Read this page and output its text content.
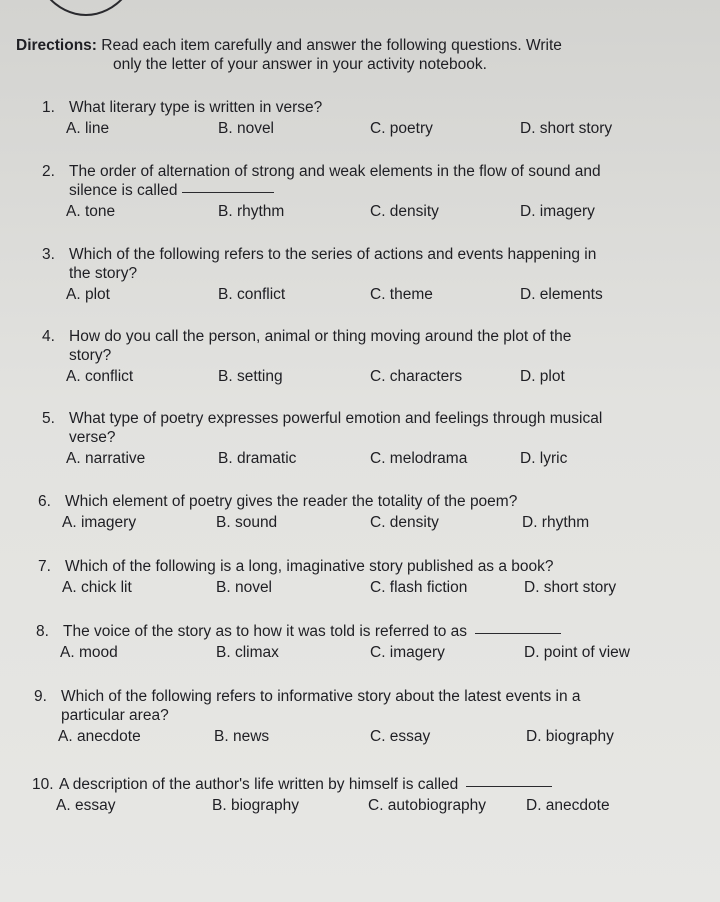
Directions: Read each item carefully and answer the following questions. Write
only the letter of your answer in your activity notebook.
1. What literary type is written in verse?
A. line	B. novel	C. poetry	D. short story
2. The order of alternation of strong and weak elements in the flow of sound and
silence is called
A. tone	B. rhythm	C. density	D. imagery
3. Which of the following refers to the series of actions and events happening in
the story?
A. plot	B. conflict	C. theme	D. elements
4. How do you call the person, animal or thing moving around the plot of the
story?
A. conflict	B. setting	C. characters	D. plot
5. What type of poetry expresses powerful emotion and feelings through musical
verse?
A. narrative	B. dramatic	C. melodrama	D. lyric
6. Which element of poetry gives the reader the totality of the poem?
A. imagery	B. sound	C. density	D. rhythm
7. Which of the following is a long, imaginative story published as a book?
A. chick lit	B. novel	C. flash fiction	D. short story
8. The voice of the story as to how it was told is referred to as
A. mood	B. climax	C. imagery	D. point of view
9. Which of the following refers to informative story about the latest events in a
particular area?
A. anecdote	B. news	C. essay	D. biography
10. A description of the author's life written by himself is called
A. essay	B. biography	C. autobiography	D. anecdote
